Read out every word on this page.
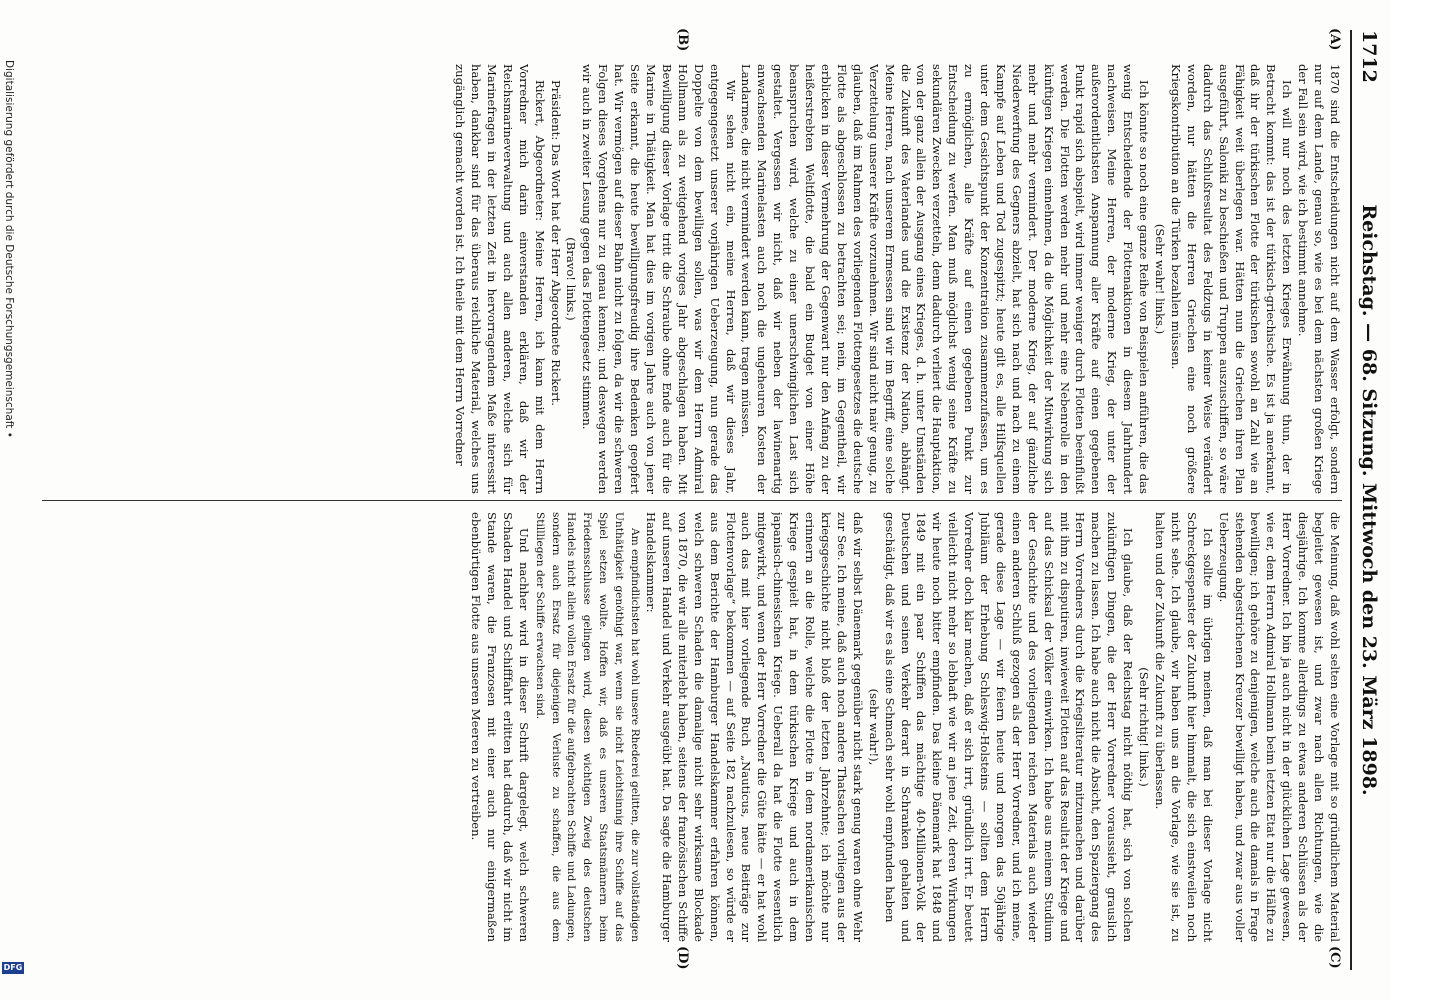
1712
Reichstag. — 68. Sitzung. Mittwoch den 23. März 1898.
(A)
(B)
(C)
(D)

1870 sind die Entscheidungen nicht auf dem Wasser erfolgt, sondern nur auf dem Lande, genau so, wie es bei dem nächsten großen Kriege der Fall sein wird, wie ich bestimmt annehme.

Ich will nur noch des letzten Krieges Erwähnung thun, der in Betracht kommt: das ist der türkisch-griechische. Es ist ja anerkannt, daß ihr der türkischen Flotte der türkischen sowohl an Zahl wie an Fähigkeit weit überlegen war. Hätten nun die Griechen ihren Plan ausgeführt, Saloniki zu beschießen und Truppen auszuschiffen, so wäre dadurch das Schlußresultat des Feldzugs in keiner Weise verändert worden, nur hätten die Herren Griechen eine noch größere Kriegskontribution an die Türken bezahlen müssen.

(Sehr wahr! links.)

Ich könnte so noch eine ganze Reihe von Beispielen anführen, die das wenig Entscheidende der Flottenaktionen in diesem Jahrhundert nachweisen. Meine Herren, der moderne Krieg, der unter der außerordentlichsten Anspannung aller Kräfte auf einen gegebenen Punkt rapid sich abspielt, wird immer weniger durch Flotten beeinflußt werden. Die Flotten werden mehr und mehr eine Nebenrolle in den künftigen Kriegen einnehmen, da die Möglichkeit der Mitwirkung sich mehr und mehr vermindert. Der moderne Krieg, der auf gänzliche Niederwerfung des Gegners abzielt, hat sich nach und nach zu einem Kampfe auf Leben und Tod zugespitzt; heute gilt es, alle Hilfsquellen unter dem Gesichtspunkt der Konzentration zusammenzufassen, um es zu ermöglichen, alle Kräfte auf einen gegebenen Punkt zur Entscheidung zu werfen. Man muß möglichst wenig seine Kräfte zu sekundären Zwecken verzetteln, denn dadurch verliert die Hauptaktion, von der ganz allein der Ausgang eines Krieges, d. h. unter Umständen die Zukunft des Vaterlandes und die Existenz der Nation, abhängt. Meine Herren, nach unserem Ermessen sind wir im Begriff, eine solche Verzettelung unserer Kräfte vorzunehmen. Wir sind nicht naiv genug, zu glauben, daß im Rahmen des vorliegenden Flottengesetzes die deutsche Flotte als abgeschlossen zu betrachten sei; nein, im Gegentheil, wir erblicken in dieser Vermehrung der Gegenwart nur den Anfang zu der heißerstrebten Weltflotte, die bald ein Budget von einer Höhe beanspruchen wird, welche zu einer unerschwinglichen Last sich gestaltet. Vergessen wir nicht, daß wir neben der lawinenartig anwachsenden Marinelasten auch noch die ungeheuren Kosten der Landarmee, die nicht vermindert werden kann, tragen müssen.

Wir sehen nicht ein, meine Herren, daß wir dieses Jahr, entgegengesetzt unserer vorjährigen Ueberzeugung, nun gerade das Doppelte von dem bewilligen sollen, was wir dem Herrn Admiral Hollmann als zu weitgehend voriges Jahr abgeschlagen haben. Mit Bewilligung dieser Vorlage tritt die Schraube ohne Ende auch für die Marine in Thätigkeit. Man hat dies im vorigen Jahre auch von jener Seite erkannt, die heute bewilligungsfreudig ihre Bedenken geopfert hat. Wir vermögen auf dieser Bahn nicht zu folgen, da wir die schweren Folgen dieses Vorgehens nur zu genau kennen; und deswegen werden wir auch in zweiter Lesung gegen das Flottengesetz stimmen.

(Bravo! links.)

Präsident: Das Wort hat der Herr Abgeordnete Rickert.

Rickert, Abgeordneter: Meine Herren, ich kann mit dem Herrn Vorredner mich darin einverstanden erklären, daß wir der Reichsmarineverwaltung und auch allen anderen, welche sich für Marinefragen in der letzten Zeit in hervorragendem Maße interessirt haben, dankbar sind für das überaus reichliche Material, welches uns zugänglich gemacht worden ist. Ich theile mit dem Herrn Vorredner

die Meinung, daß wohl selten eine Vorlage mit so gründlichem Material begleitet gewesen ist, und zwar nach allen Richtungen, wie die diesjährige. Ich komme allerdings zu etwas anderen Schlüssen als der Herr Vorredner. Ich bin ja auch nicht in der glücklichen Lage gewesen, wie er, dem Herrn Admiral Hollmann beim letzten Etat nur die Hälfte zu bewilligen; ich gehöre zu denjenigen, welche auch die damals in Frage stehenden abgestrichenen Kreuzer bewilligt haben, und zwar aus voller Ueberzeugung.

Ich sollte im übrigen meinen, daß man bei dieser Vorlage nicht Schreckgespenster der Zukunft hier himmalt, die sich einstweilen noch nicht sehe. Ich glaube, wir haben uns an die Vorlage, wie sie ist, zu halten und der Zukunft die Zukunft zu überlassen.

(Sehr richtig! links.)

Ich glaube, daß der Reichstag nicht nöthig hat, sich von solchen zukünftigen Dingen, die der Herr Vorredner voraussieht, grauslich machen zu lassen. Ich habe auch nicht die Absicht, den Spaziergang des Herrn Vorredners durch die Kriegsliteratur mitzumachen und darüber mit ihm zu disputiren, inwieweit Flotten auf das Resultat der Kriege und auf das Schicksal der Völker einwirken. Ich habe aus meinem Studium der Geschichte und des vorliegenden reichen Materials auch wieder einen anderen Schluß gezogen als der Herr Vorredner, und ich meine, gerade diese Lage — wir feiern heute und morgen das 50jährige Jubiläum der Erhebung Schleswig-Holsteins — sollten dem Herrn Vorredner doch klar machen, daß er sich irrt, gründlich irrt. Er beutet vielleicht nicht mehr so lebhaft wie wir an jene Zeit, deren Wirkungen wir heute noch bitter empfinden. Das kleine Dänemark hat 1848 und 1849 mit ein paar Schiffen das mächtige 40-Millionen-Volk der Deutschen und seinen Verkehr derart in Schranken gehalten und geschädigt, daß wir es als eine Schmach sehr wohl empfunden haben

(sehr wahr!),

daß wir selbst Dänemark gegenüber nicht stark genug waren ohne Wehr zur See. Ich meine, daß auch noch andere Thatsachen vorliegen aus der kriegsgeschichte nicht bloß der letzten Jahrzehnte; ich möchte nur erinnern an die Rolle, welche die Flotte in dem nordamerikanischen Kriege gespielt hat, in dem türkischen Kriege und auch in dem japanisch-chinesischen Kriege. Ueberall da hat die Flotte wesentlich mitgewirkt, und wenn der Herr Vorredner die Güte hätte — er hat wohl auch das mit hier vorliegende Buch „Nauticus, neue Beiträge zur Flottenvorlage“ bekommen — auf Seite 182 nachzulesen, so würde er aus dem Berichte der Hamburger Handelskammer erfahren können, welch schweren Schaden die damalige nicht sehr wirksame Blockade von 1870, die wir alle miterlebt haben, seitens der französischen Schiffe auf unseren Handel und Verkehr ausgeübt hat. Da sagte die Hamburger Handelskammer:

Am empfindlichsten hat wohl unsere Rhederei gelitten, die zur vollständigen Unthätigkeit genöthigt war, wenn sie nicht Leichtsinnig ihre Schiffe auf das Spiel setzen wollte. Hoffen wir, daß es unseren Staatsmännern beim Friedensschlusse gelingen wird, diesen wichtigen Zweig des deutschen Handels nicht allein vollen Ersatz für die aufgebrachten Schiffe und Ladungen, sondern auch Ersatz für diejenigen Verluste zu schaffen, die aus dem Stillliegen der Schiffe erwachsen sind.

Und nachher wird in dieser Schrift dargelegt, welch schweren Schaden Handel und Schifffahrt erlitten hat dadurch, daß wir nicht im Stande waren, die Franzosen mit einer auch nur einigermaßen ebenbürtigen Flotte aus unseren Meeren zu vertreiben.

Digitalisierung gefördert durch die Deutsche Forschungsgemeinschaft •
DFG
